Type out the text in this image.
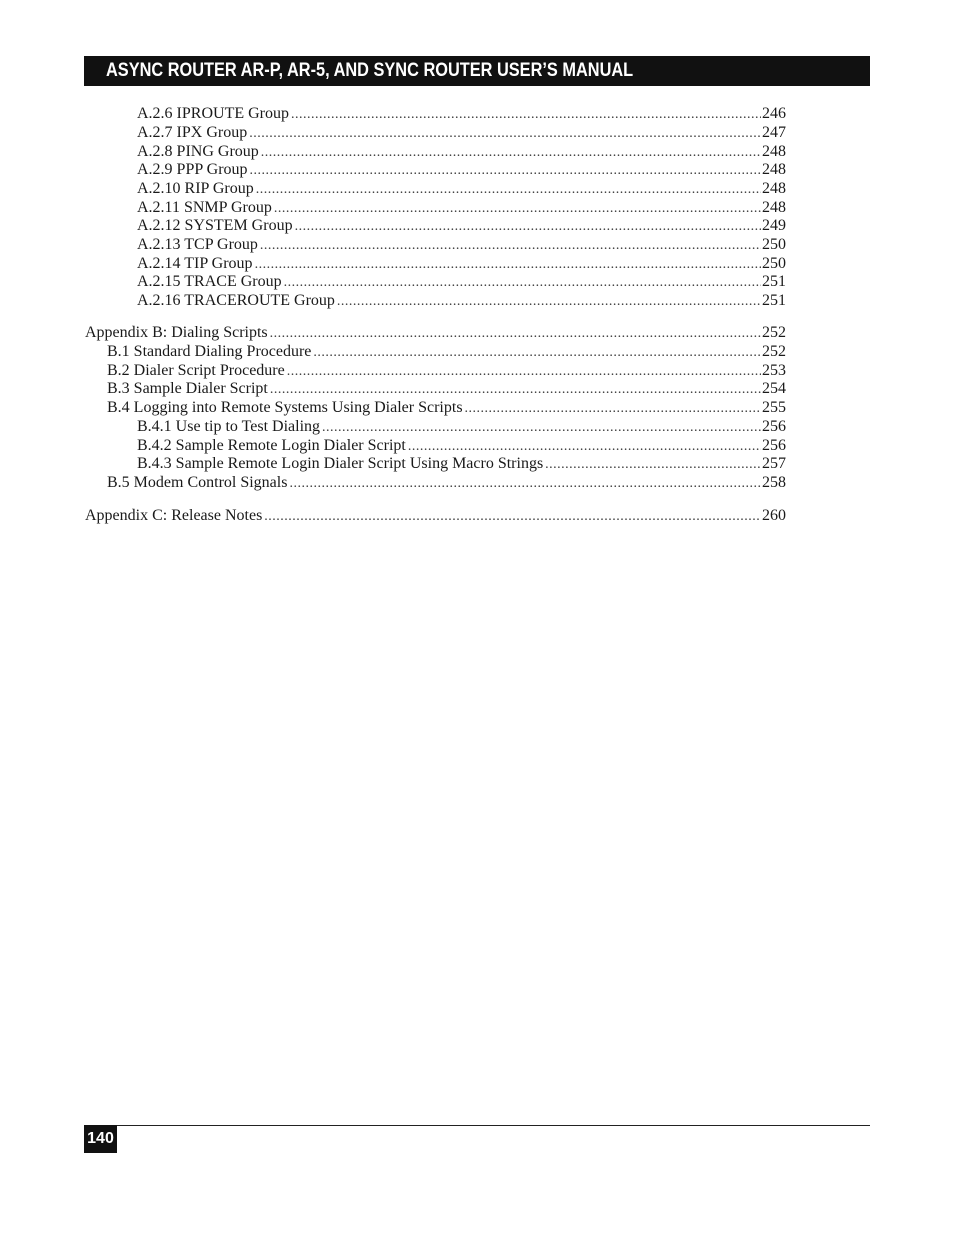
ASYNC ROUTER AR-P, AR-5, AND SYNC ROUTER USER’S MANUAL
A.2.6 IPROUTE Group .....	246
A.2.7 IPX Group .....	247
A.2.8 PING Group .....	248
A.2.9 PPP Group .....	248
A.2.10 RIP Group .....	248
A.2.11 SNMP Group .....	248
A.2.12 SYSTEM Group .....	249
A.2.13 TCP Group .....	250
A.2.14 TIP Group .....	250
A.2.15 TRACE Group .....	251
A.2.16 TRACEROUTE Group .....	251
Appendix B: Dialing Scripts .....	252
B.1 Standard Dialing Procedure .....	252
B.2 Dialer Script Procedure .....	253
B.3 Sample Dialer Script .....	254
B.4 Logging into Remote Systems Using Dialer Scripts .....	255
B.4.1 Use tip to Test Dialing .....	256
B.4.2 Sample Remote Login Dialer Script .....	256
B.4.3 Sample Remote Login Dialer Script Using Macro Strings .....	257
B.5 Modem Control Signals .....	258
Appendix C: Release Notes .....	260
140
